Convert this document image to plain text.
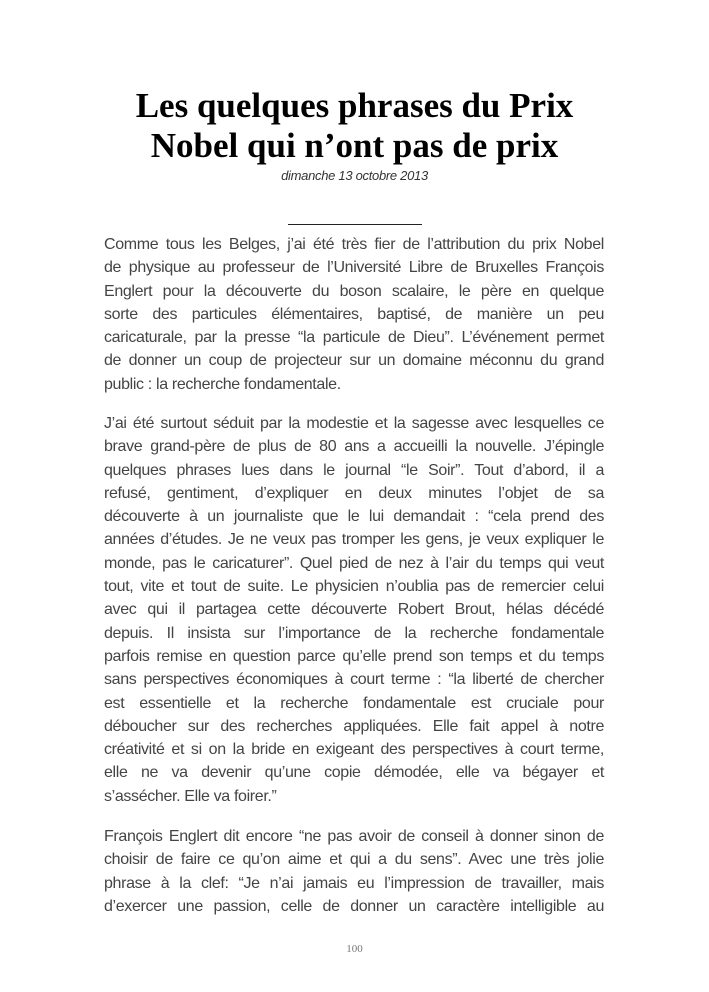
Les quelques phrases du Prix
Nobel qui n’ont pas de prix
dimanche 13 octobre 2013
Comme tous les Belges, j’ai été très fier de l’attribution du prix Nobel
de physique au professeur de l’Université Libre de Bruxelles François
Englert pour la découverte du boson scalaire, le père en quelque
sorte des particules élémentaires, baptisé, de manière un peu
caricaturale, par la presse “la particule de Dieu”. L’événement permet
de donner un coup de projecteur sur un domaine méconnu du grand
public : la recherche fondamentale.
J’ai été surtout séduit par la modestie et la sagesse avec lesquelles ce
brave grand-père de plus de 80 ans a accueilli la nouvelle. J’épingle
quelques phrases lues dans le journal “le Soir”. Tout d’abord, il a
refusé, gentiment, d’expliquer en deux minutes l’objet de sa
découverte à un journaliste que le lui demandait : “cela prend des
années d’études. Je ne veux pas tromper les gens, je veux expliquer le
monde, pas le caricaturer”. Quel pied de nez à l’air du temps qui veut
tout, vite et tout de suite. Le physicien n’oublia pas de remercier celui
avec qui il partagea cette découverte Robert Brout, hélas décédé
depuis. Il insista sur l’importance de la recherche fondamentale
parfois remise en question parce qu’elle prend son temps et du temps
sans perspectives économiques à court terme : “la liberté de chercher
est essentielle et la recherche fondamentale est cruciale pour
déboucher sur des recherches appliquées. Elle fait appel à notre
créativité et si on la bride en exigeant des perspectives à court terme,
elle ne va devenir qu’une copie démodée, elle va bégayer et
s’assécher. Elle va foirer.”
François Englert dit encore “ne pas avoir de conseil à donner sinon de
choisir de faire ce qu’on aime et qui a du sens”. Avec une très jolie
phrase à la clef: “Je n’ai jamais eu l’impression de travailler, mais
d’exercer une passion, celle de donner un caractère intelligible au
100
